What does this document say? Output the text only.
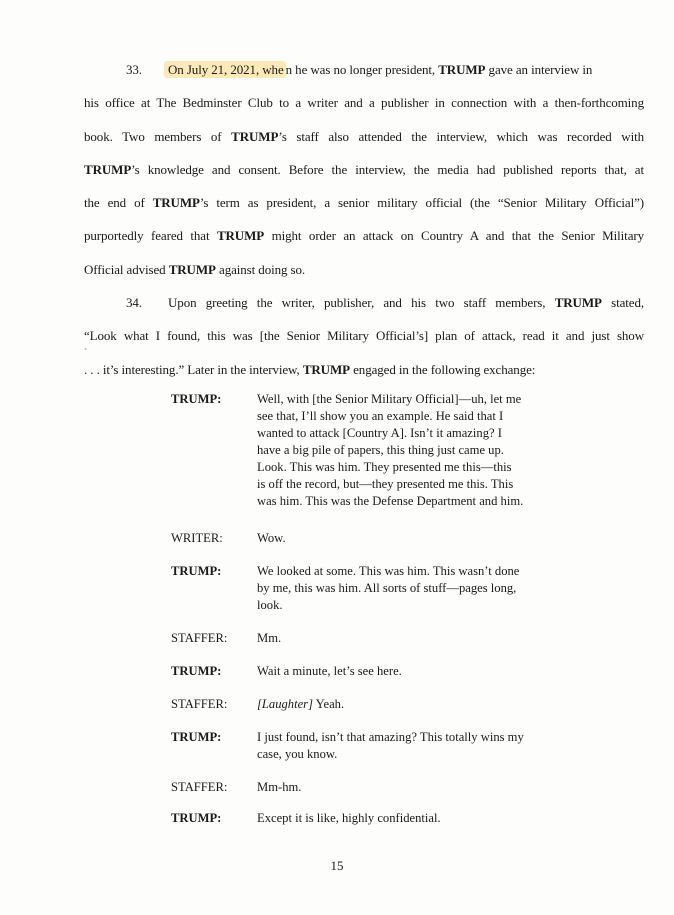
33. On July 21, 2021, whe n he was no longer president, TRUMP gave an interview in
his office at The Bedminster Club to a writer and a publisher in connection with a then-forthcoming
book. Two members of TRUMP’s staff also attended the interview, which was recorded with
TRUMP’s knowledge and consent. Before the interview, the media had published reports that, at
the end of TRUMP’s term as president, a senior military official (the “Senior Military Official”)
purportedly feared that TRUMP might order an attack on Country A and that the Senior Military
Official advised TRUMP against doing so.
34. Upon greeting the writer, publisher, and his two staff members, TRUMP stated,
“Look what I found, this was [the Senior Military Official’s] plan of attack, read it and just show
. . . it’s interesting.” Later in the interview, TRUMP engaged in the following exchange:
ˋ
TRUMP:	Well, with [the Senior Military Official]—uh, let me
see that, I’ll show you an example. He said that I
wanted to attack [Country A]. Isn’t it amazing? I
have a big pile of papers, this thing just came up.
Look. This was him. They presented me this—this
is off the record, but—they presented me this. This
was him. This was the Defense Department and him.
WRITER:	Wow.
TRUMP:	We looked at some. This was him. This wasn’t done
by me, this was him. All sorts of stuff—pages long,
look.
STAFFER:	Mm.
TRUMP:	Wait a minute, let’s see here.
STAFFER:	[Laughter] Yeah.
TRUMP:	I just found, isn’t that amazing? This totally wins my
case, you know.
STAFFER:	Mm-hm.
TRUMP:	Except it is like, highly confidential.
15
